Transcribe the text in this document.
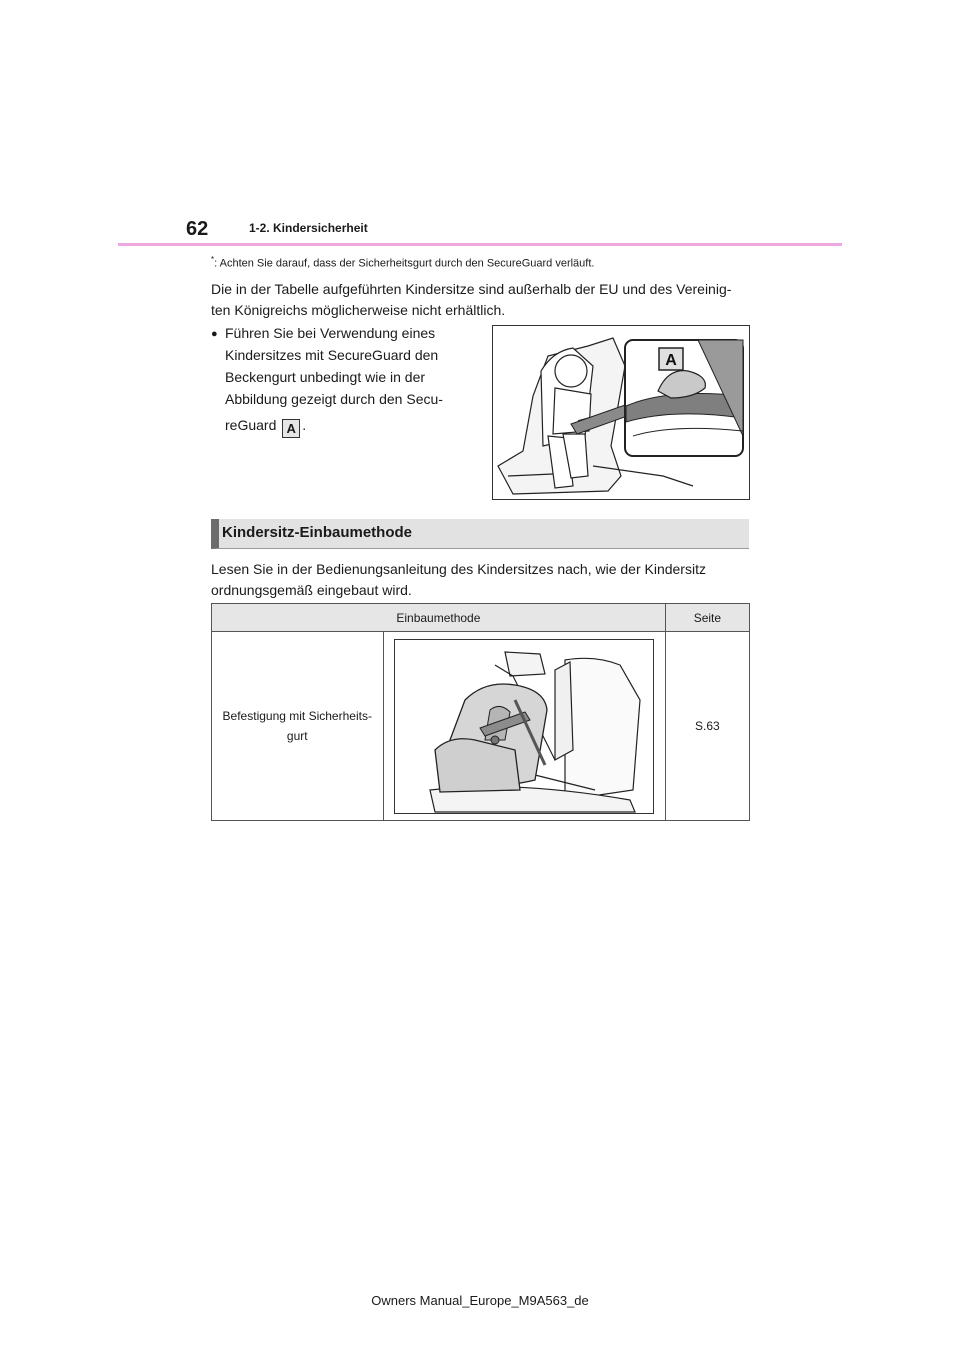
62	1-2. Kindersicherheit
*: Achten Sie darauf, dass der Sicherheitsgurt durch den SecureGuard verläuft.
Die in der Tabelle aufgeführten Kindersitze sind außerhalb der EU und des Vereinig-
ten Königreichs möglicherweise nicht erhältlich.
● Führen Sie bei Verwendung eines
Kindersitzes mit SecureGuard den
Beckengurt unbedingt wie in der
Abbildung gezeigt durch den Secu-
reGuard A .
A
Kindersitz-Einbaumethode
Lesen Sie in der Bedienungsanleitung des Kindersitzes nach, wie der Kindersitz
ordnungsgemäß eingebaut wird.
Einbaumethode		Seite

Befestigung mit Sicherheits-
gurt		S.63
Owners Manual_Europe_M9A563_de
